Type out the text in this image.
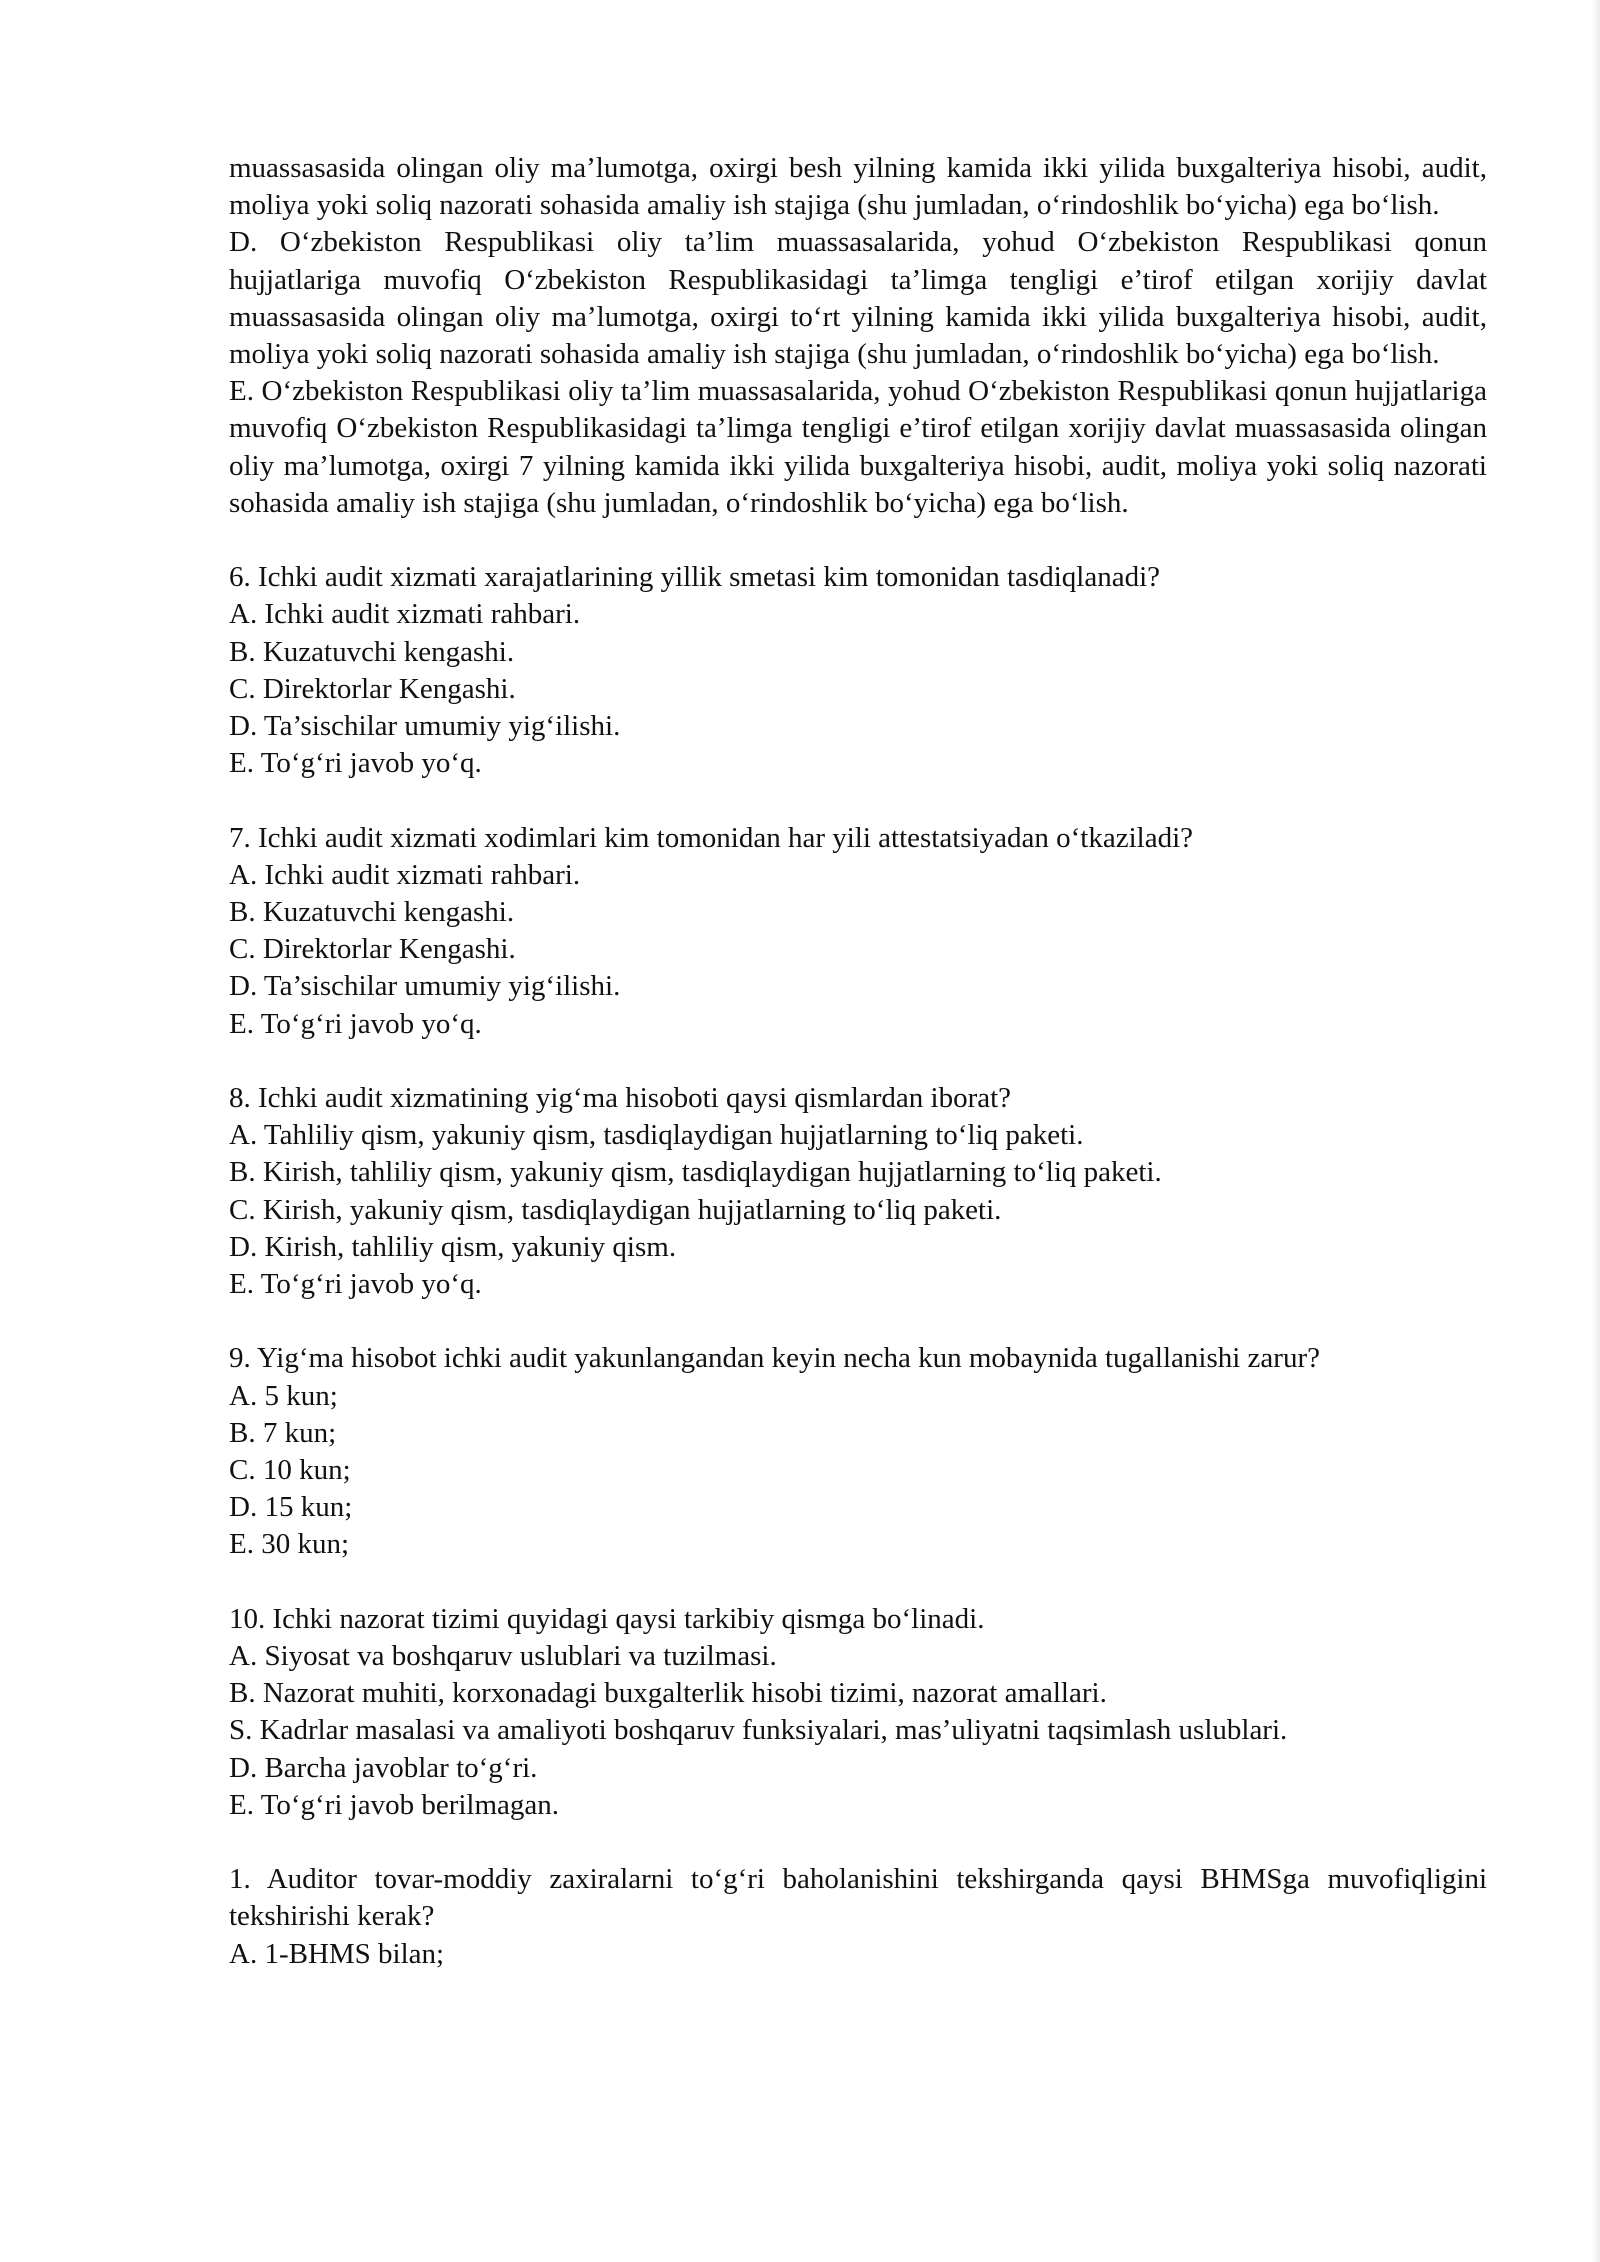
muassasasida olingan oliy ma’lumotga, oxirgi besh yilning kamida ikki yilida buxgalteriya hisobi, audit, moliya yoki soliq nazorati sohasida amaliy ish stajiga (shu jumladan, o‘rindoshlik bo‘yicha) ega bo‘lish.

D. O‘zbekiston Respublikasi oliy ta’lim muassasalarida, yohud O‘zbekiston Respublikasi qonun hujjatlariga muvofiq O‘zbekiston Respublikasidagi ta’limga tengligi e’tirof etilgan xorijiy davlat muassasasida olingan oliy ma’lumotga, oxirgi to‘rt yilning kamida ikki yilida buxgalteriya hisobi, audit, moliya yoki soliq nazorati sohasida amaliy ish stajiga (shu jumladan, o‘rindoshlik bo‘yicha) ega bo‘lish.

E. O‘zbekiston Respublikasi oliy ta’lim muassasalarida, yohud O‘zbekiston Respublikasi qonun hujjatlariga muvofiq O‘zbekiston Respublikasidagi ta’limga tengligi e’tirof etilgan xorijiy davlat muassasasida olingan oliy ma’lumotga, oxirgi 7 yilning kamida ikki yilida buxgalteriya hisobi, audit, moliya yoki soliq nazorati sohasida amaliy ish stajiga (shu jumladan, o‘rindoshlik bo‘yicha) ega bo‘lish.

6. Ichki audit xizmati xarajatlarining yillik smetasi kim tomonidan tasdiqlanadi?

A. Ichki audit xizmati rahbari.

B. Kuzatuvchi kengashi.

C. Direktorlar Kengashi.

D. Ta’sischilar umumiy yig‘ilishi.

E. To‘g‘ri javob yo‘q.

7. Ichki audit xizmati xodimlari kim tomonidan har yili attestatsiyadan o‘tkaziladi?

A. Ichki audit xizmati rahbari.

B. Kuzatuvchi kengashi.

C. Direktorlar Kengashi.

D. Ta’sischilar umumiy yig‘ilishi.

E. To‘g‘ri javob yo‘q.

8. Ichki audit xizmatining yig‘ma hisoboti qaysi qismlardan iborat?

A. Tahliliy qism, yakuniy qism, tasdiqlaydigan hujjatlarning to‘liq paketi.

B. Kirish, tahliliy qism, yakuniy qism, tasdiqlaydigan hujjatlarning to‘liq paketi.

C. Kirish, yakuniy qism, tasdiqlaydigan hujjatlarning to‘liq paketi.

D. Kirish, tahliliy qism, yakuniy qism.

E. To‘g‘ri javob yo‘q.

9. Yig‘ma hisobot ichki audit yakunlangandan keyin necha kun mobaynida tugallanishi zarur?

A. 5 kun;

B. 7 kun;

C. 10 kun;

D. 15 kun;

E. 30 kun;

10. Ichki nazorat tizimi quyidagi qaysi tarkibiy qismga bo‘linadi.

A. Siyosat va boshqaruv uslublari va tuzilmasi.

B. Nazorat muhiti, korxonadagi buxgalterlik hisobi tizimi, nazorat amallari.

S. Kadrlar masalasi va amaliyoti boshqaruv funksiyalari, mas’uliyatni taqsimlash uslublari.

D. Barcha javoblar to‘g‘ri.

E. To‘g‘ri javob berilmagan.

1. Auditor tovar-moddiy zaxiralarni to‘g‘ri baholanishini tekshirganda qaysi BHMSga muvofiqligini tekshirishi kerak?

A. 1-BHMS bilan;
